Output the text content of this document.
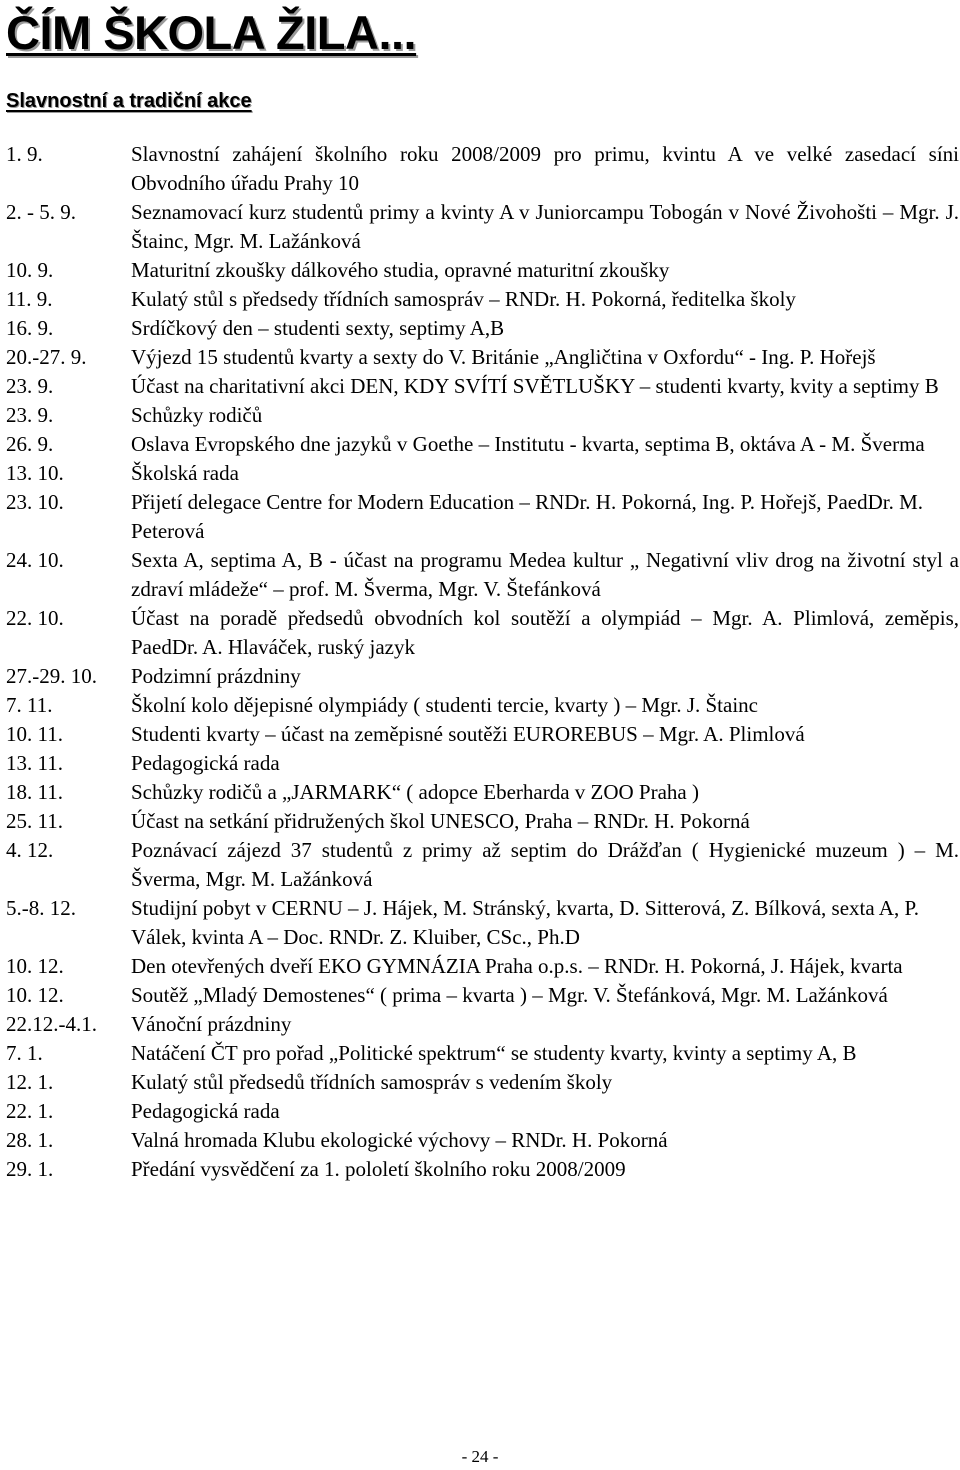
ČÍM ŠKOLA ŽILA...
Slavnostní a tradiční akce
1. 9.	Slavnostní zahájení školního roku 2008/2009 pro primu, kvintu A ve velké zasedací síni Obvodního úřadu Prahy 10
2. - 5. 9.	Seznamovací kurz studentů primy a kvinty A v Juniorcampu Tobogán v Nové Živohošti – Mgr. J. Štainc, Mgr. M. Lažánková
10. 9.	Maturitní zkoušky dálkového studia, opravné maturitní zkoušky
11. 9.	Kulatý stůl s předsedy třídních samospráv – RNDr. H. Pokorná, ředitelka školy
16. 9.	Srdíčkový den – studenti sexty, septimy A,B
20.-27. 9.	Výjezd 15 studentů kvarty a sexty do V. Británie „Angličtina v Oxfordu“ - Ing. P. Hořejš
23. 9.	Účast na charitativní akci DEN, KDY SVÍTÍ SVĚTLUŠKY – studenti kvarty, kvity a septimy B
23. 9.	Schůzky rodičů
26. 9.	Oslava Evropského dne jazyků v Goethe – Institutu - kvarta, septima B, oktáva A - M. Šverma
13. 10.	Školská rada
23. 10.	Přijetí delegace Centre for Modern Education – RNDr. H. Pokorná, Ing. P. Hořejš, PaedDr. M. Peterová
24. 10.	Sexta A, septima A, B - účast na programu Medea kultur „ Negativní vliv drog na životní styl a zdraví mládeže“ – prof. M. Šverma, Mgr. V. Štefánková
22. 10.	Účast na poradě předsedů obvodních kol soutěží a olympiád – Mgr. A. Plimlová, zeměpis, PaedDr. A. Hlaváček, ruský jazyk
27.-29. 10.	Podzimní prázdniny
7. 11.	Školní kolo dějepisné olympiády ( studenti tercie, kvarty ) – Mgr. J. Štainc
10. 11.	Studenti kvarty – účast na zeměpisné soutěži EUROREBUS – Mgr. A. Plimlová
13. 11.	Pedagogická rada
18. 11.	Schůzky rodičů a „JARMARK“ ( adopce Eberharda v ZOO Praha )
25. 11.	Účast na setkání přidružených škol UNESCO, Praha – RNDr. H. Pokorná
4. 12.	Poznávací zájezd 37 studentů z primy až septim do Drážďan ( Hygienické muzeum ) – M. Šverma, Mgr. M. Lažánková
5.-8. 12.	Studijní pobyt v CERNU – J. Hájek, M. Stránský, kvarta, D. Sitterová, Z. Bílková, sexta A, P. Válek, kvinta A – Doc. RNDr. Z. Kluiber, CSc., Ph.D
10. 12.	Den otevřených dveří EKO GYMNÁZIA Praha o.p.s. – RNDr. H. Pokorná, J. Hájek, kvarta
10. 12.	Soutěž „Mladý Demostenes“ ( prima – kvarta ) – Mgr. V. Štefánková, Mgr. M. Lažánková
22.12.-4.1.	Vánoční prázdniny
7. 1.	Natáčení ČT pro pořad „Politické spektrum“ se studenty kvarty, kvinty a septimy A, B
12. 1.	Kulatý stůl předsedů třídních samospráv s vedením školy
22. 1.	Pedagogická rada
28. 1.	Valná hromada Klubu ekologické výchovy – RNDr. H. Pokorná
29. 1.	Předání vysvědčení za 1. pololetí školního roku 2008/2009
- 24 -
